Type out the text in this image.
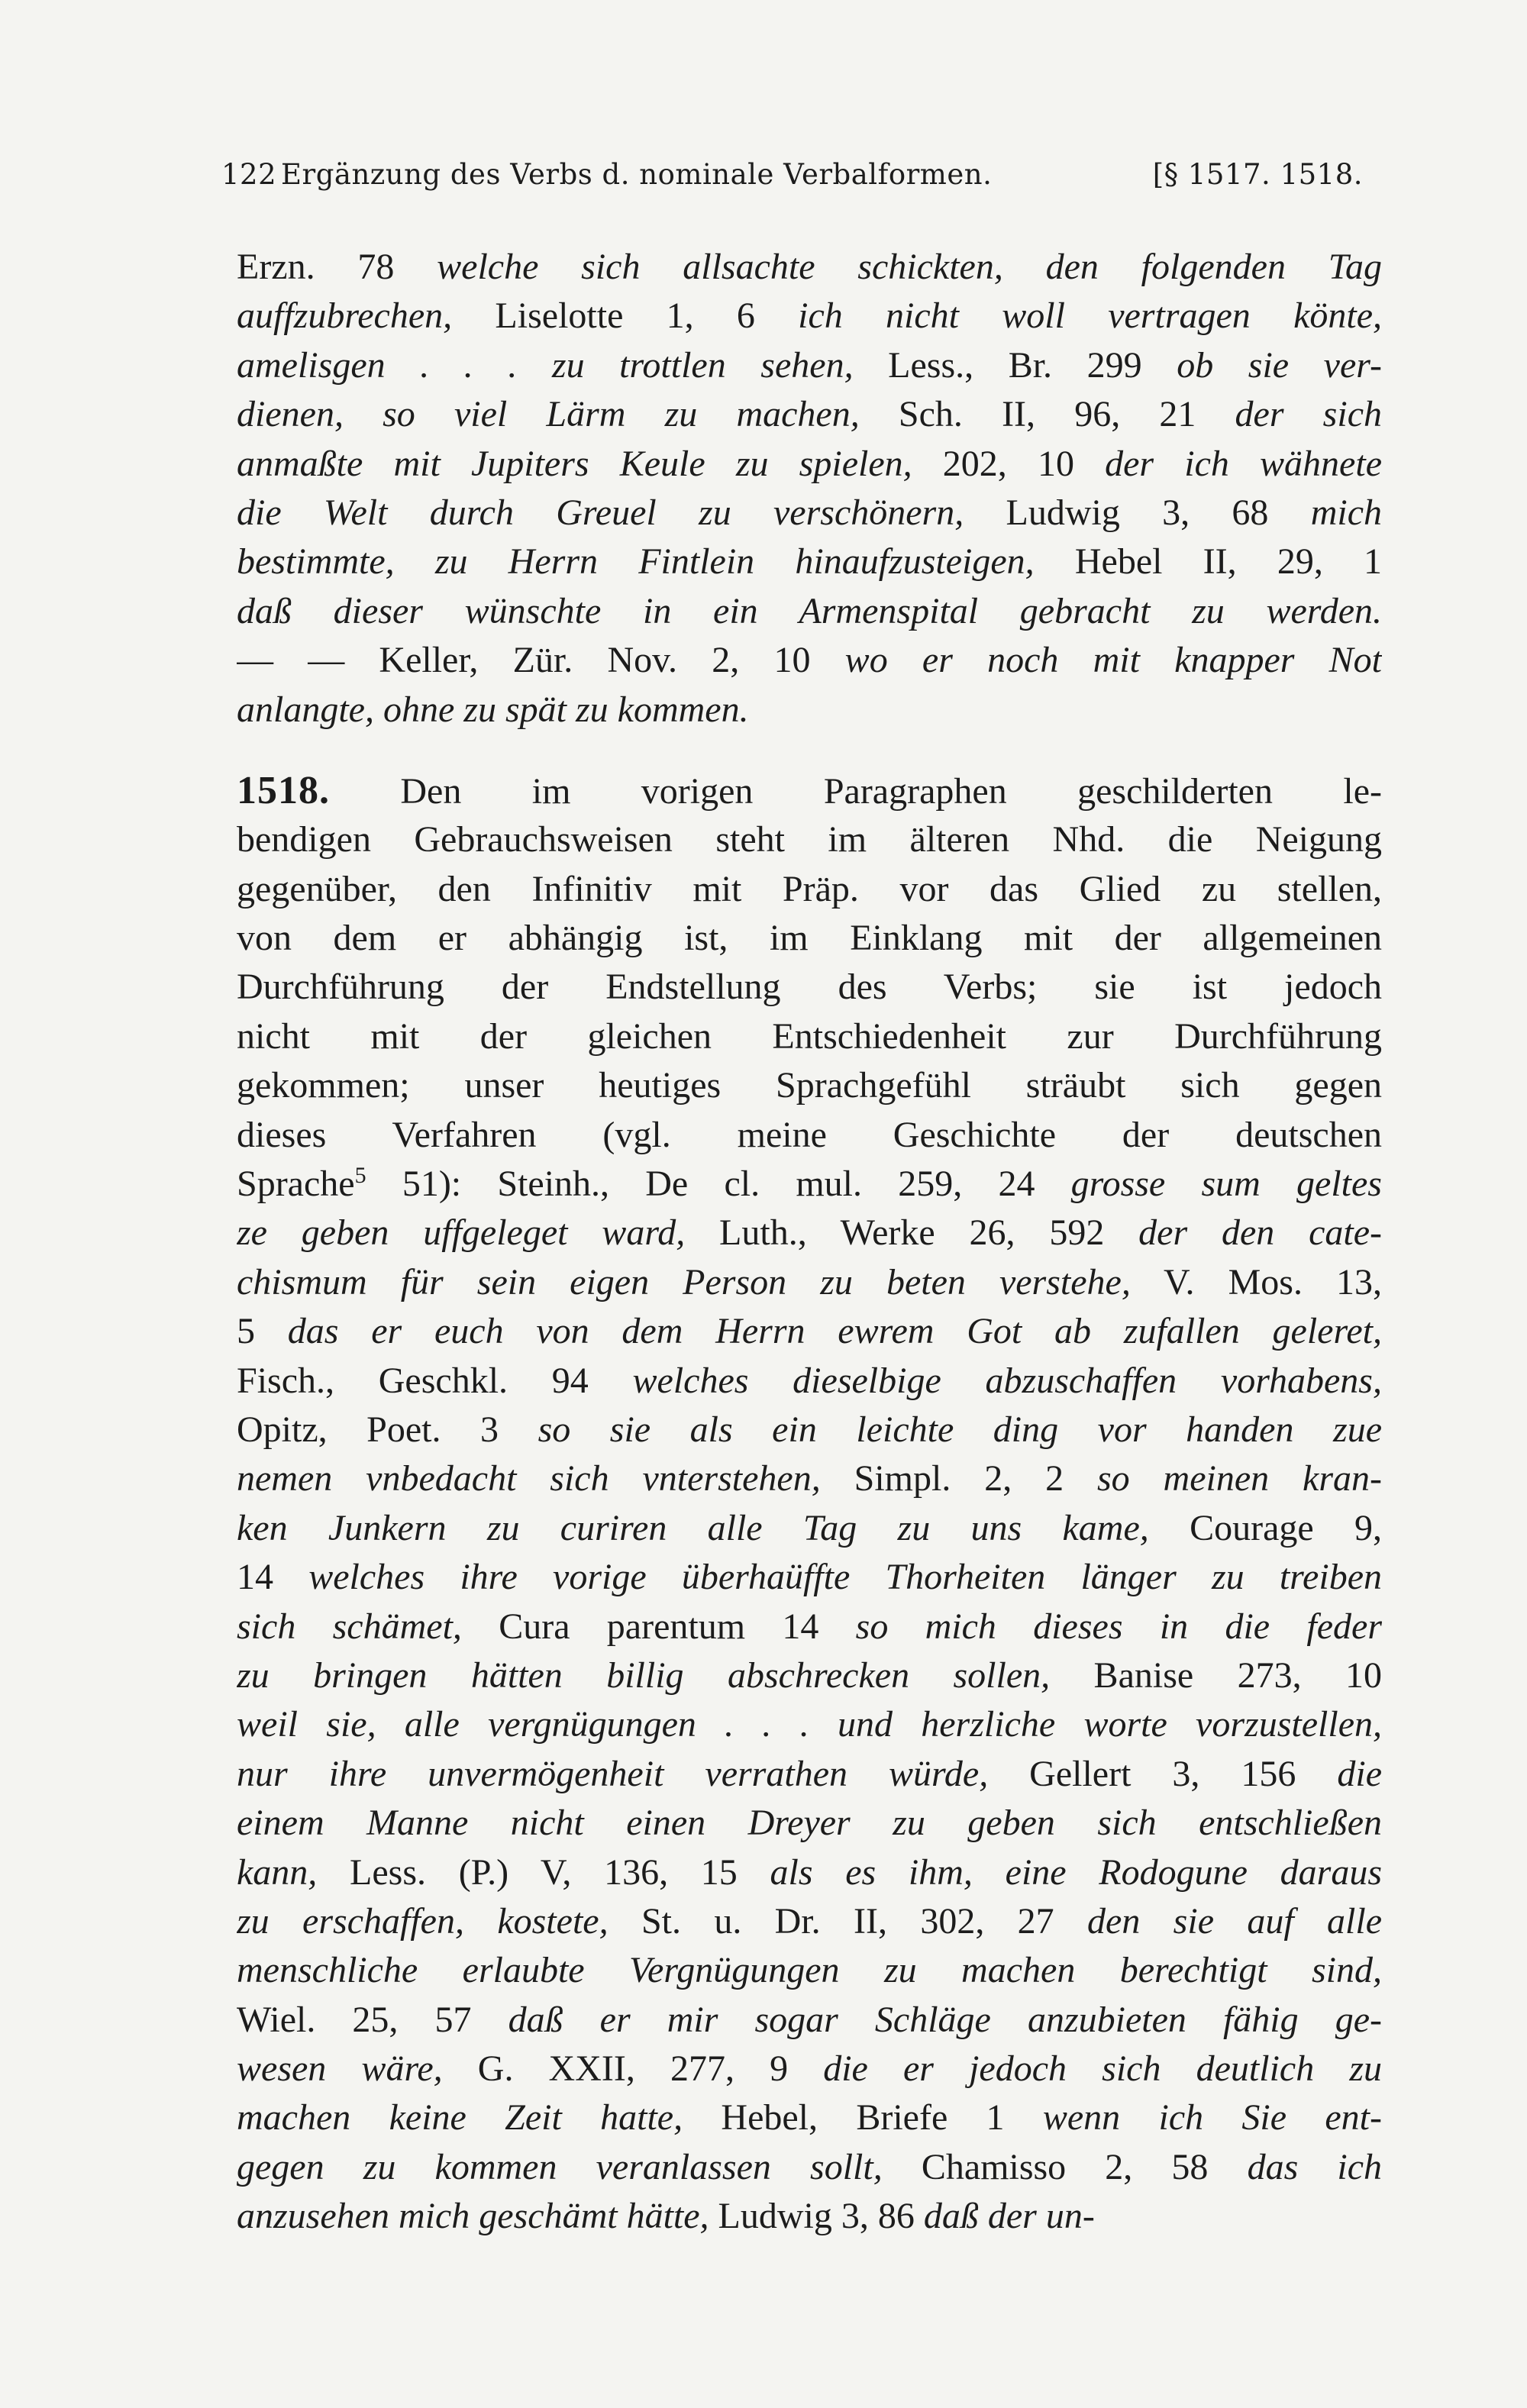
122 Ergänzung des Verbs d. nominale Verbalformen.	[§ 1517. 1518.
Erzn. 78 welche sich allsachte schickten, den folgenden Tag
auffzubrechen, Liselotte 1, 6 ich nicht woll vertragen könte,
amelisgen . . . zu trottlen sehen, Less., Br. 299 ob sie ver-
dienen, so viel Lärm zu machen, Sch. II, 96, 21 der sich
anmaßte mit Jupiters Keule zu spielen, 202, 10 der ich wähnete
die Welt durch Greuel zu verschönern, Ludwig 3, 68 mich
bestimmte, zu Herrn Fintlein hinaufzusteigen, Hebel II, 29, 1
daß dieser wünschte in ein Armenspital gebracht zu werden.
— — Keller, Zür. Nov. 2, 10 wo er noch mit knapper Not
anlangte, ohne zu spät zu kommen.
1518. Den im vorigen Paragraphen geschilderten le-
bendigen Gebrauchsweisen steht im älteren Nhd. die Neigung
gegenüber, den Infinitiv mit Präp. vor das Glied zu stellen,
von dem er abhängig ist, im Einklang mit der allgemeinen
Durchführung der Endstellung des Verbs; sie ist jedoch
nicht mit der gleichen Entschiedenheit zur Durchführung
gekommen; unser heutiges Sprachgefühl sträubt sich gegen
dieses Verfahren (vgl. meine Geschichte der deutschen
Sprache$^5$ 51): Steinh., De cl. mul. 259, 24 grosse sum geltes
ze geben uffgeleget ward, Luth., Werke 26, 592 der den cate-
chismum für sein eigen Person zu beten verstehe, V. Mos. 13,
5 das er euch von dem Herrn ewrem Got ab zufallen geleret,
Fisch., Geschkl. 94 welches dieselbige abzuschaffen vorhabens,
Opitz, Poet. 3 so sie als ein leichte ding vor handen zue
nemen vnbedacht sich vnterstehen, Simpl. 2, 2 so meinen kran-
ken Junkern zu curiren alle Tag zu uns kame, Courage 9,
14 welches ihre vorige überhaüffte Thorheiten länger zu treiben
sich schämet, Cura parentum 14 so mich dieses in die feder
zu bringen hätten billig abschrecken sollen, Banise 273, 10
weil sie, alle vergnügungen . . . und herzliche worte vorzustellen,
nur ihre unvermögenheit verrathen würde, Gellert 3, 156 die
einem Manne nicht einen Dreyer zu geben sich entschließen
kann, Less. (P.) V, 136, 15 als es ihm, eine Rodogune daraus
zu erschaffen, kostete, St. u. Dr. II, 302, 27 den sie auf alle
menschliche erlaubte Vergnügungen zu machen berechtigt sind,
Wiel. 25, 57 daß er mir sogar Schläge anzubieten fähig ge-
wesen wäre, G. XXII, 277, 9 die er jedoch sich deutlich zu
machen keine Zeit hatte, Hebel, Briefe 1 wenn ich Sie ent-
gegen zu kommen veranlassen sollt, Chamisso 2, 58 das ich
anzusehen mich geschämt hätte, Ludwig 3, 86 daß der un-
